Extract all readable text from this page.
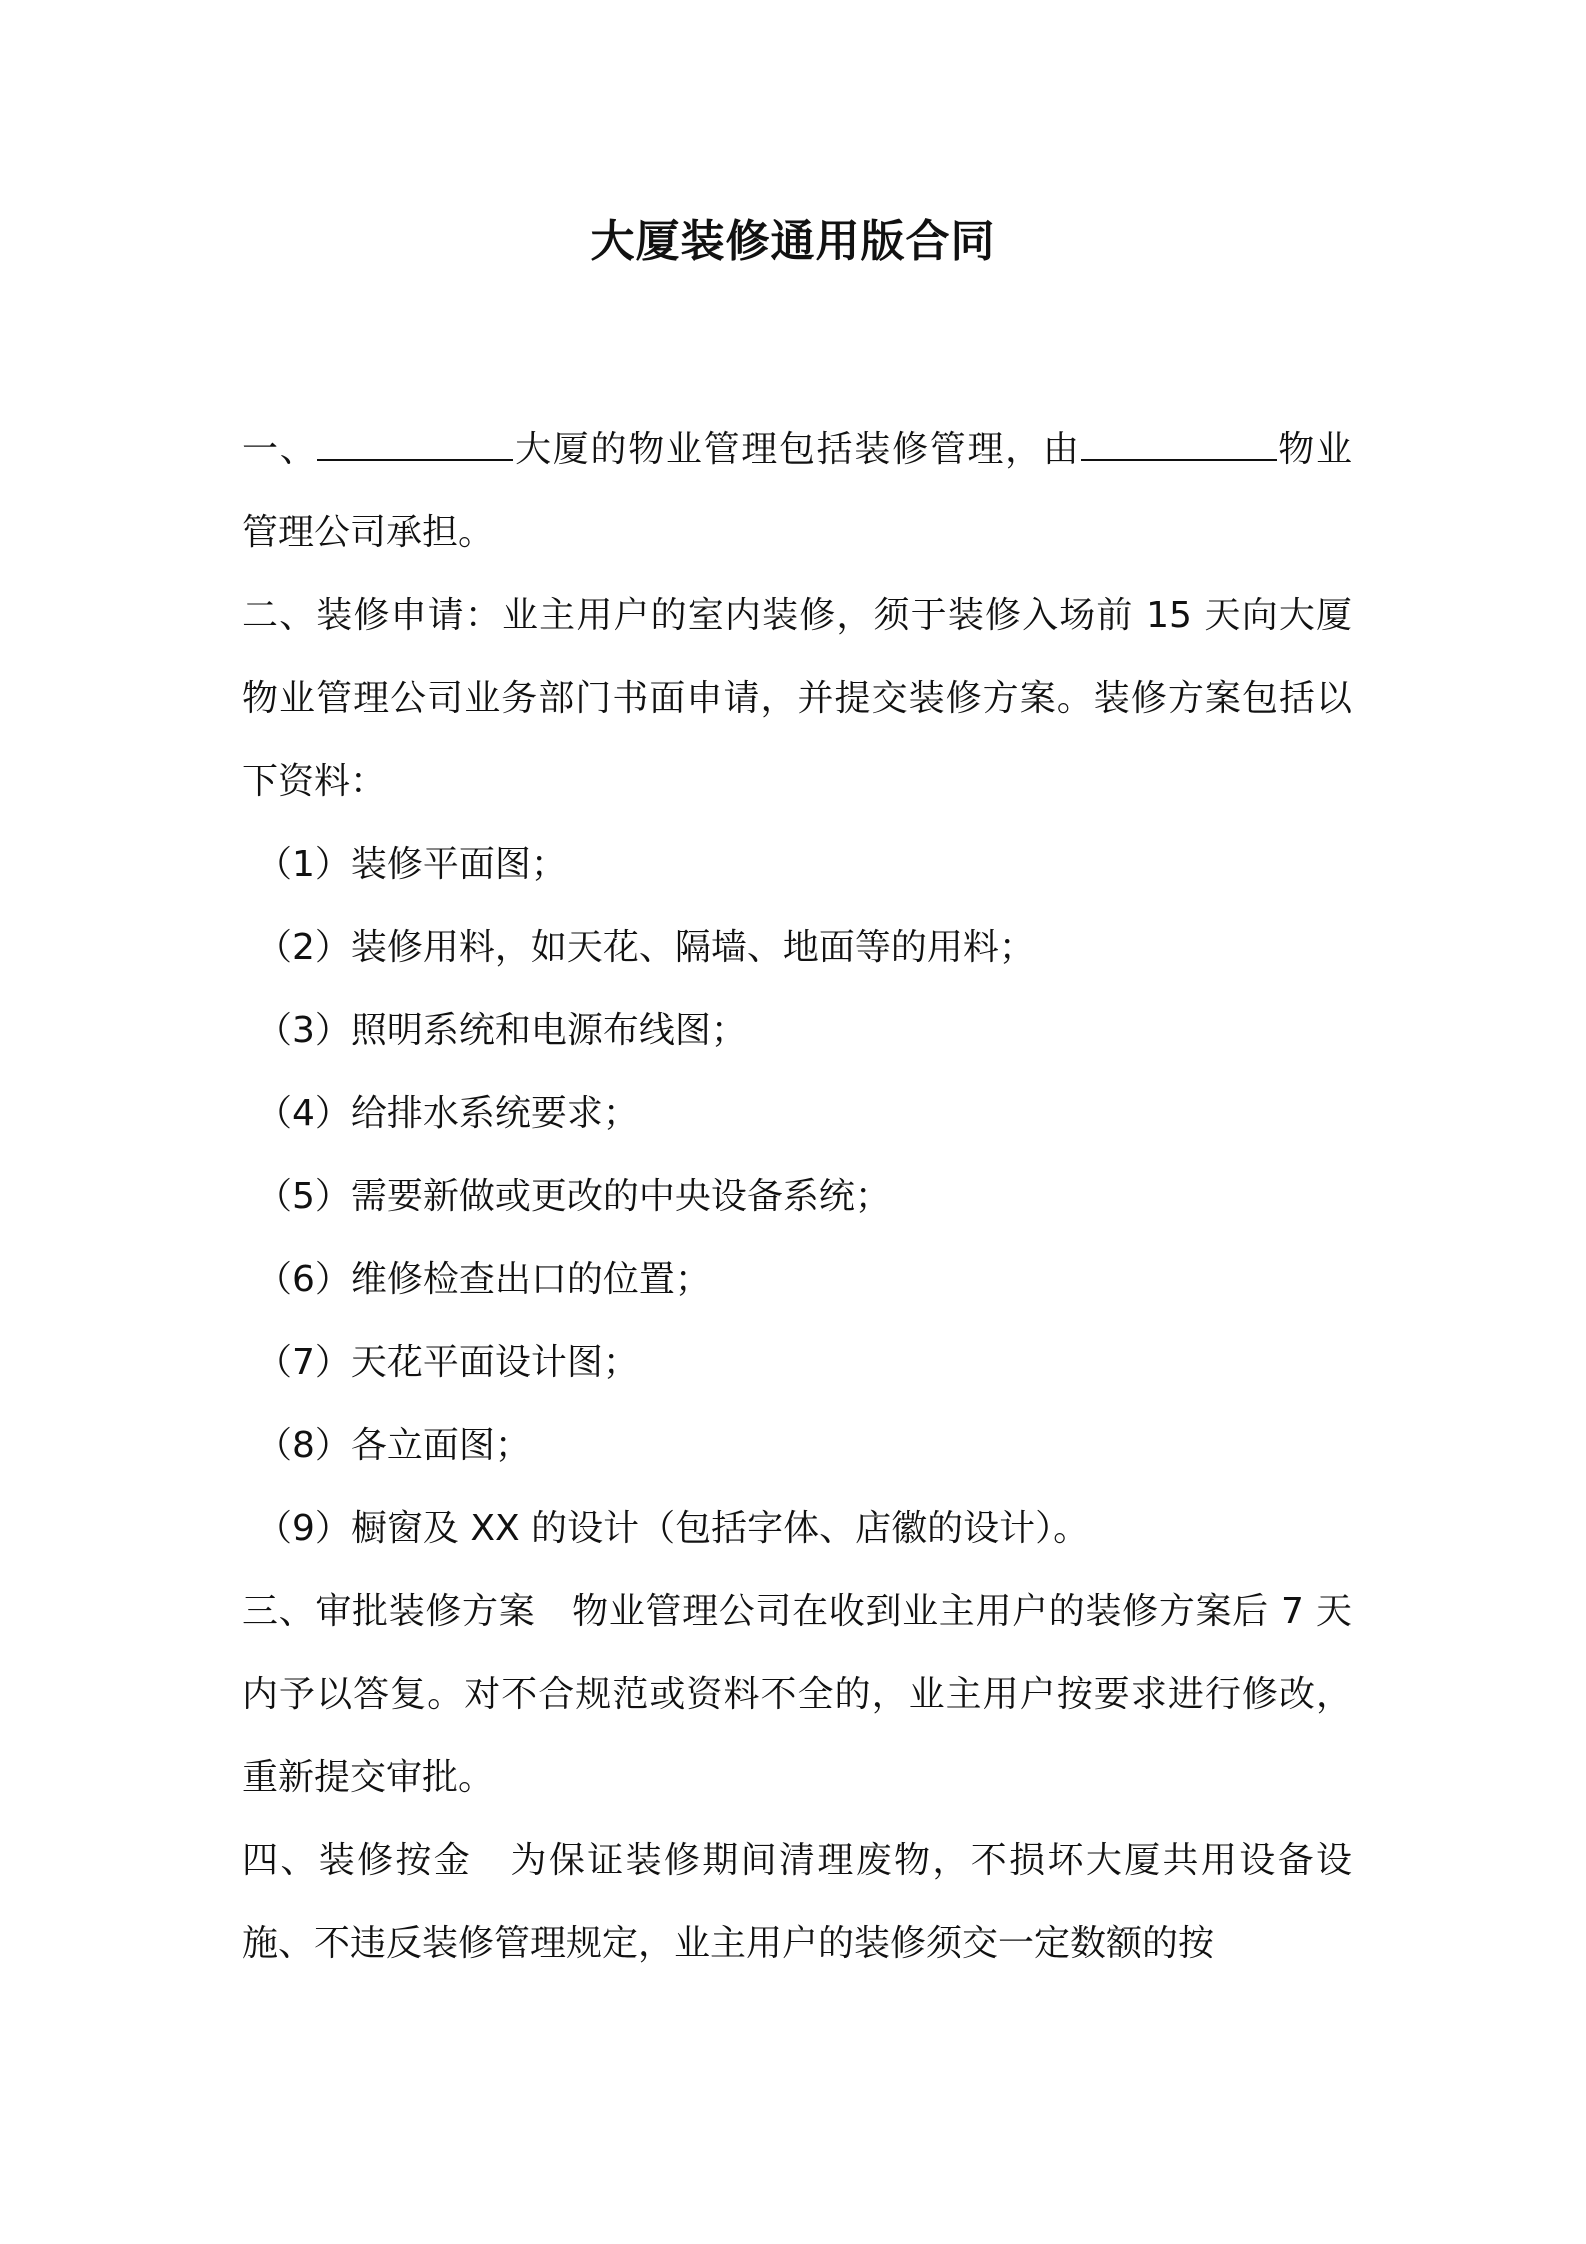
大厦装修通用版合同

一、	大厦的物业管理包括装修管理，由	物业管理公司承担。

二、装修申请：业主用户的室内装修，须于装修入场前 15 天向大厦物业管理公司业务部门书面申请，并提交装修方案。装修方案包括以下资料：

（1）装修平面图；

（2）装修用料，如天花、隔墙、地面等的用料；

（3）照明系统和电源布线图；

（4）给排水系统要求；

（5）需要新做或更改的中央设备系统；

（6）维修检查出口的位置；

（7）天花平面设计图；

（8）各立面图；

（9）橱窗及 XX 的设计（包括字体、店徽的设计）。

三、审批装修方案 物业管理公司在收到业主用户的装修方案后 7 天内予以答复。对不合规范或资料不全的，业主用户按要求进行修改，重新提交审批。

四、装修按金 为保证装修期间清理废物，不损坏大厦共用设备设施、不违反装修管理规定，业主用户的装修须交一定数额的按
